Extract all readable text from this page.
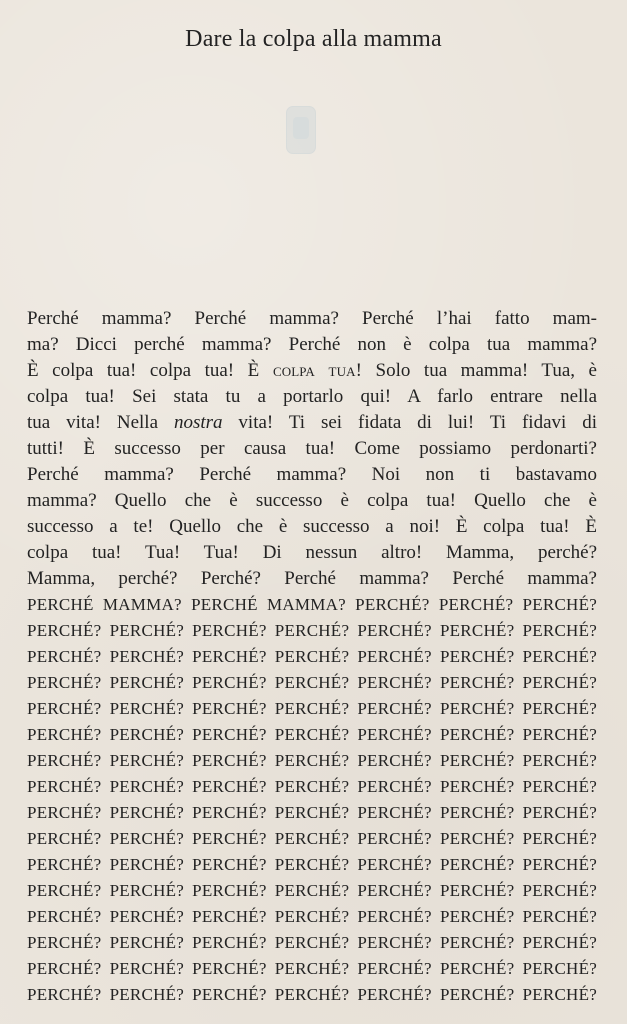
Dare la colpa alla mamma
Perché mamma? Perché mamma? Perché l’hai fatto mam-
ma? Dicci perché mamma? Perché non è colpa tua mamma?
È colpa tua! colpa tua! È colpa tua! Solo tua mamma! Tua, è
colpa tua! Sei stata tu a portarlo qui! A farlo entrare nella
tua vita! Nella nostra vita! Ti sei fidata di lui! Ti fidavi di
tutti! È successo per causa tua! Come possiamo perdonarti?
Perché mamma? Perché mamma? Noi non ti bastavamo
mamma? Quello che è successo è colpa tua! Quello che è
successo a te! Quello che è successo a noi! È colpa tua! È
colpa tua! Tua! Tua! Di nessun altro! Mamma, perché?
Mamma, perché? Perché? Perché mamma? Perché mamma?
PERCHÉ MAMMA? PERCHÉ MAMMA? PERCHÉ? PERCHÉ? PERCHÉ?
PERCHÉ? PERCHÉ? PERCHÉ? PERCHÉ? PERCHÉ? PERCHÉ? PERCHÉ?
PERCHÉ? PERCHÉ? PERCHÉ? PERCHÉ? PERCHÉ? PERCHÉ? PERCHÉ?
PERCHÉ? PERCHÉ? PERCHÉ? PERCHÉ? PERCHÉ? PERCHÉ? PERCHÉ?
PERCHÉ? PERCHÉ? PERCHÉ? PERCHÉ? PERCHÉ? PERCHÉ? PERCHÉ?
PERCHÉ? PERCHÉ? PERCHÉ? PERCHÉ? PERCHÉ? PERCHÉ? PERCHÉ?
PERCHÉ? PERCHÉ? PERCHÉ? PERCHÉ? PERCHÉ? PERCHÉ? PERCHÉ?
PERCHÉ? PERCHÉ? PERCHÉ? PERCHÉ? PERCHÉ? PERCHÉ? PERCHÉ?
PERCHÉ? PERCHÉ? PERCHÉ? PERCHÉ? PERCHÉ? PERCHÉ? PERCHÉ?
PERCHÉ? PERCHÉ? PERCHÉ? PERCHÉ? PERCHÉ? PERCHÉ? PERCHÉ?
PERCHÉ? PERCHÉ? PERCHÉ? PERCHÉ? PERCHÉ? PERCHÉ? PERCHÉ?
PERCHÉ? PERCHÉ? PERCHÉ? PERCHÉ? PERCHÉ? PERCHÉ? PERCHÉ?
PERCHÉ? PERCHÉ? PERCHÉ? PERCHÉ? PERCHÉ? PERCHÉ? PERCHÉ?
PERCHÉ? PERCHÉ? PERCHÉ? PERCHÉ? PERCHÉ? PERCHÉ? PERCHÉ?
PERCHÉ? PERCHÉ? PERCHÉ? PERCHÉ? PERCHÉ? PERCHÉ? PERCHÉ?
PERCHÉ? PERCHÉ? PERCHÉ? PERCHÉ? PERCHÉ? PERCHÉ? PERCHÉ?
